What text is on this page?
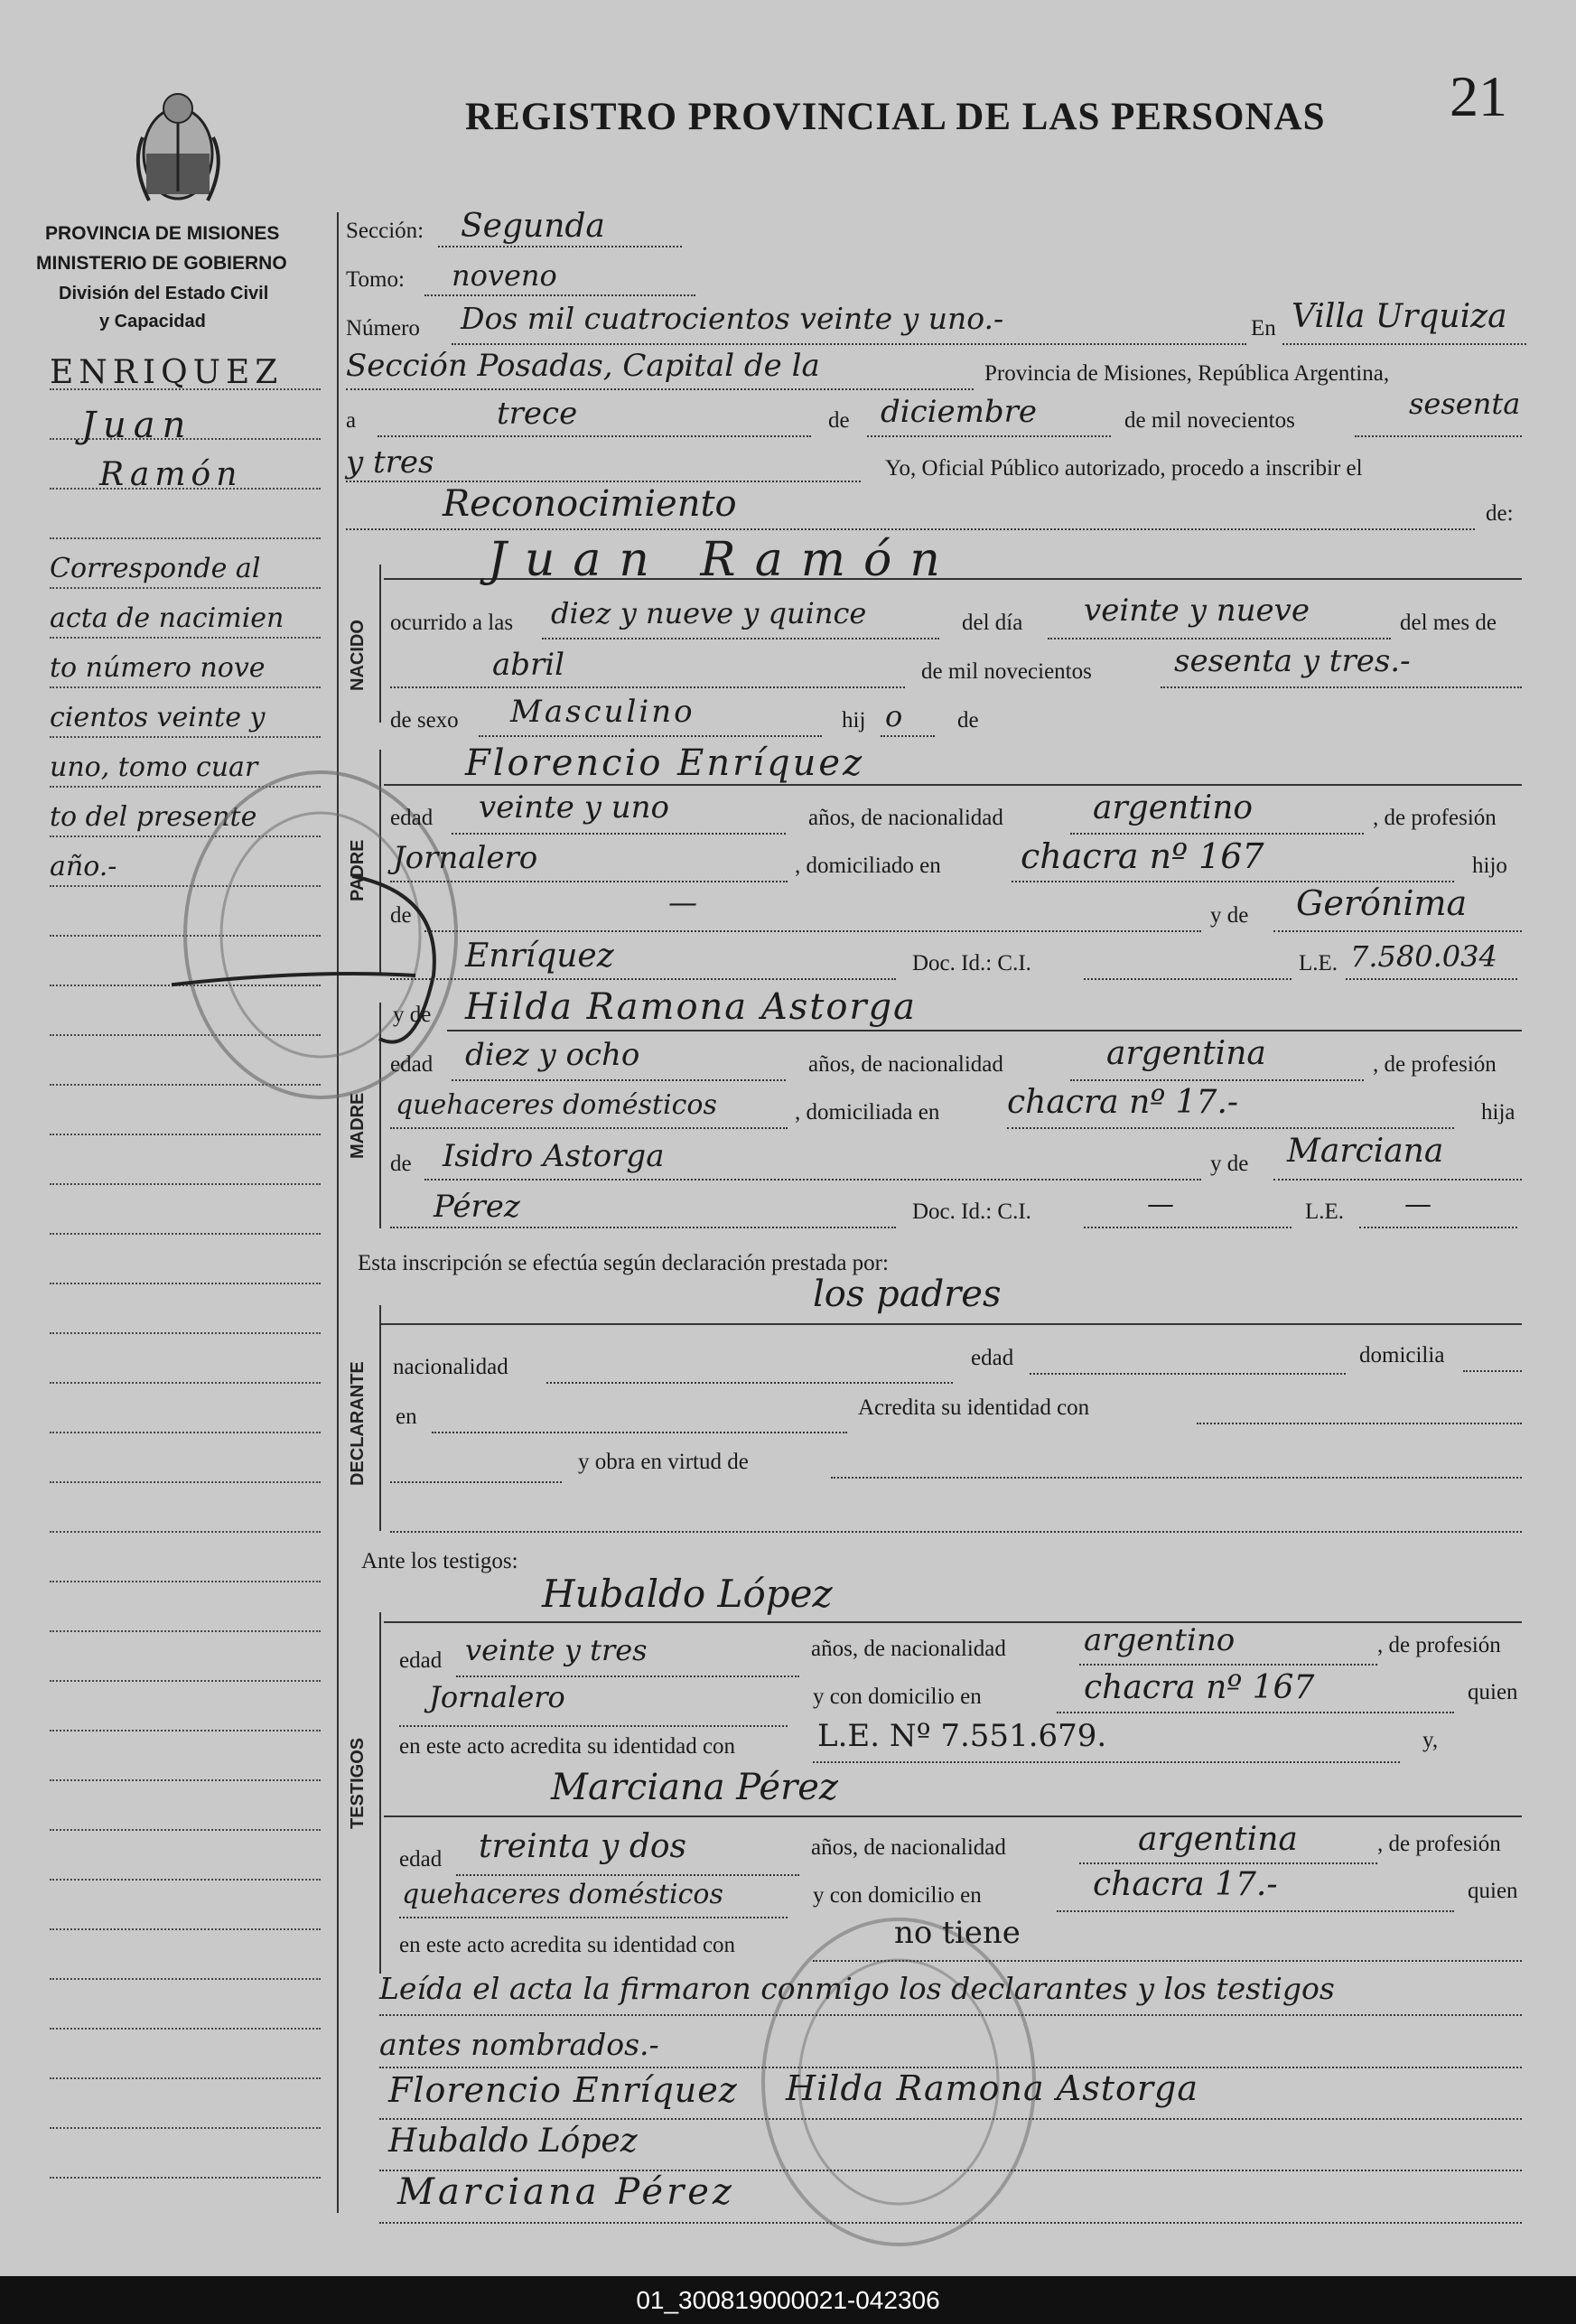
REGISTRO PROVINCIAL DE LAS PERSONAS 21
PROVINCIA DE MISIONES
MINISTERIO DE GOBIERNO
División del Estado Civil
y Capacidad
NACIDO
PADRE
MADRE
DECLARANTE
TESTIGOS
ENRIQUEZ
Juan
Ramón
Corresponde al
acta de nacimien
to número nove
cientos veinte y
uno, tomo cuar
to del presente
año.-
Sección: Segunda
Tomo: noveno
Número Dos mil cuatrocientos veinte y uno.-	En Villa Urquiza
Sección Posadas, Capital de la	Provincia de Misiones, República Argentina,
a	trece	de diciembre	de mil novecientos	sesenta
y tres	Yo, Oficial Público autorizado, procedo a inscribir el
Reconocimiento	de:
Juan Ramón
ocurrido a las diez y nueve y quince	del día veinte y nueve	del mes de
abril	de mil novecientos	sesenta y tres.-
de sexo Masculino	hij o de
Florencio Enríquez
edad veinte y uno	años, de nacionalidad	argentino	, de profesión
Jornalero	, domiciliado en chacra nº 167	hijo
de	—	y de Gerónima
Enríquez	Doc. Id.: C.I.	L.E. 7.580.034
y de Hilda Ramona Astorga
edad diez y ocho	años, de nacionalidad	argentina	, de profesión
quehaceres domésticos	, domiciliada en chacra nº 17.-	hija
de Isidro Astorga	y de Marciana
Pérez	Doc. Id.: C.I.	—	L.E. —
Esta inscripción se efectúa según declaración prestada por:
los padres
nacionalidad	edad	domicilia
en	Acredita su identidad con
y obra en virtud de
Ante los testigos:
Hubaldo López
edad veinte y tres	años, de nacionalidad	argentino	, de profesión
Jornalero	y con domicilio en	chacra nº 167	quien
en este acto acredita su identidad con	L.E. Nº 7.551.679.	y,
Marciana Pérez
edad treinta y dos	años, de nacionalidad	argentina	, de profesión
quehaceres domésticos	y con domicilio en	chacra 17.-	quien
en este acto acredita su identidad con	no tiene
Leída el acta la firmaron conmigo los declarantes y los testigos
antes nombrados.-
Florencio Enríquez Hilda Ramona Astorga
Hubaldo López
Marciana Pérez
01_300819000021-042306
